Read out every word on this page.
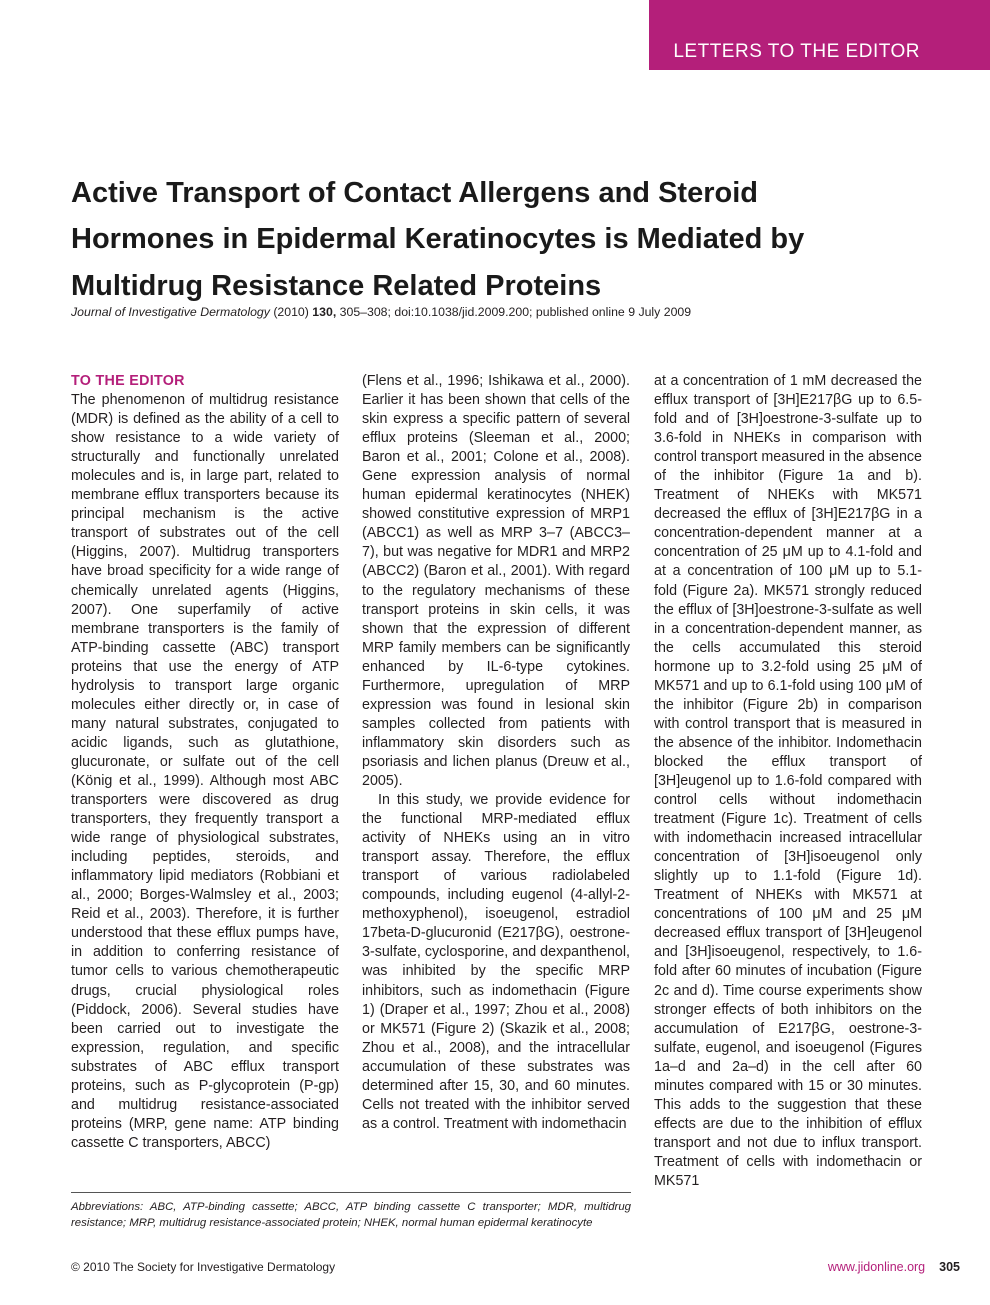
LETTERS TO THE EDITOR
Active Transport of Contact Allergens and Steroid Hormones in Epidermal Keratinocytes is Mediated by Multidrug Resistance Related Proteins
Journal of Investigative Dermatology (2010) 130, 305–308; doi:10.1038/jid.2009.200; published online 9 July 2009
TO THE EDITOR

The phenomenon of multidrug resistance (MDR) is defined as the ability of a cell to show resistance to a wide variety of structurally and functionally unrelated molecules and is, in large part, related to membrane efflux transporters because its principal mechanism is the active transport of substrates out of the cell (Higgins, 2007). Multidrug transporters have broad specificity for a wide range of chemically unrelated agents (Higgins, 2007). One superfamily of active membrane transporters is the family of ATP-binding cassette (ABC) transport proteins that use the energy of ATP hydrolysis to transport large organic molecules either directly or, in case of many natural substrates, conjugated to acidic ligands, such as glutathione, glucuronate, or sulfate out of the cell (König et al., 1999). Although most ABC transporters were discovered as drug transporters, they frequently transport a wide range of physiological substrates, including peptides, steroids, and inflammatory lipid mediators (Robbiani et al., 2000; Borges-Walmsley et al., 2003; Reid et al., 2003). Therefore, it is further understood that these efflux pumps have, in addition to conferring resistance of tumor cells to various chemotherapeutic drugs, crucial physiological roles (Piddock, 2006). Several studies have been carried out to investigate the expression, regulation, and specific substrates of ABC efflux transport proteins, such as P-glycoprotein (P-gp) and multidrug resistance-associated proteins (MRP, gene name: ATP binding cassette C transporters, ABCC)

(Flens et al., 1996; Ishikawa et al., 2000). Earlier it has been shown that cells of the skin express a specific pattern of several efflux proteins (Sleeman et al., 2000; Baron et al., 2001; Colone et al., 2008). Gene expression analysis of normal human epidermal keratinocytes (NHEK) showed constitutive expression of MRP1 (ABCC1) as well as MRP 3–7 (ABCC3–7), but was negative for MDR1 and MRP2 (ABCC2) (Baron et al., 2001). With regard to the regulatory mechanisms of these transport proteins in skin cells, it was shown that the expression of different MRP family members can be significantly enhanced by IL-6-type cytokines. Furthermore, upregulation of MRP expression was found in lesional skin samples collected from patients with inflammatory skin disorders such as psoriasis and lichen planus (Dreuw et al., 2005).

In this study, we provide evidence for the functional MRP-mediated efflux activity of NHEKs using an in vitro transport assay. Therefore, the efflux transport of various radiolabeled compounds, including eugenol (4-allyl-2-methoxyphenol), isoeugenol, estradiol 17beta-D-glucuronid (E217βG), oestrone-3-sulfate, cyclosporine, and dexpanthenol, was inhibited by the specific MRP inhibitors, such as indomethacin (Figure 1) (Draper et al., 1997; Zhou et al., 2008) or MK571 (Figure 2) (Skazik et al., 2008; Zhou et al., 2008), and the intracellular accumulation of these substrates was determined after 15, 30, and 60 minutes. Cells not treated with the inhibitor served as a control. Treatment with indomethacin

at a concentration of 1 mM decreased the efflux transport of [3H]E217βG up to 6.5-fold and of [3H]oestrone-3-sulfate up to 3.6-fold in NHEKs in comparison with control transport measured in the absence of the inhibitor (Figure 1a and b). Treatment of NHEKs with MK571 decreased the efflux of [3H]E217βG in a concentration-dependent manner at a concentration of 25 μM up to 4.1-fold and at a concentration of 100 μM up to 5.1-fold (Figure 2a). MK571 strongly reduced the efflux of [3H]oestrone-3-sulfate as well in a concentration-dependent manner, as the cells accumulated this steroid hormone up to 3.2-fold using 25 μM of MK571 and up to 6.1-fold using 100 μM of the inhibitor (Figure 2b) in comparison with control transport that is measured in the absence of the inhibitor. Indomethacin blocked the efflux transport of [3H]eugenol up to 1.6-fold compared with control cells without indomethacin treatment (Figure 1c). Treatment of cells with indomethacin increased intracellular concentration of [3H]isoeugenol only slightly up to 1.1-fold (Figure 1d). Treatment of NHEKs with MK571 at concentrations of 100 μM and 25 μM decreased efflux transport of [3H]eugenol and [3H]isoeugenol, respectively, to 1.6-fold after 60 minutes of incubation (Figure 2c and d). Time course experiments show stronger effects of both inhibitors on the accumulation of E217βG, oestrone-3-sulfate, eugenol, and isoeugenol (Figures 1a–d and 2a–d) in the cell after 60 minutes compared with 15 or 30 minutes. This adds to the suggestion that these effects are due to the inhibition of efflux transport and not due to influx transport. Treatment of cells with indomethacin or MK571

Abbreviations: ABC, ATP-binding cassette; ABCC, ATP binding cassette C transporter; MDR, multidrug resistance; MRP, multidrug resistance-associated protein; NHEK, normal human epidermal keratinocyte
© 2010 The Society for Investigative Dermatology	www.jidonline.org 305
